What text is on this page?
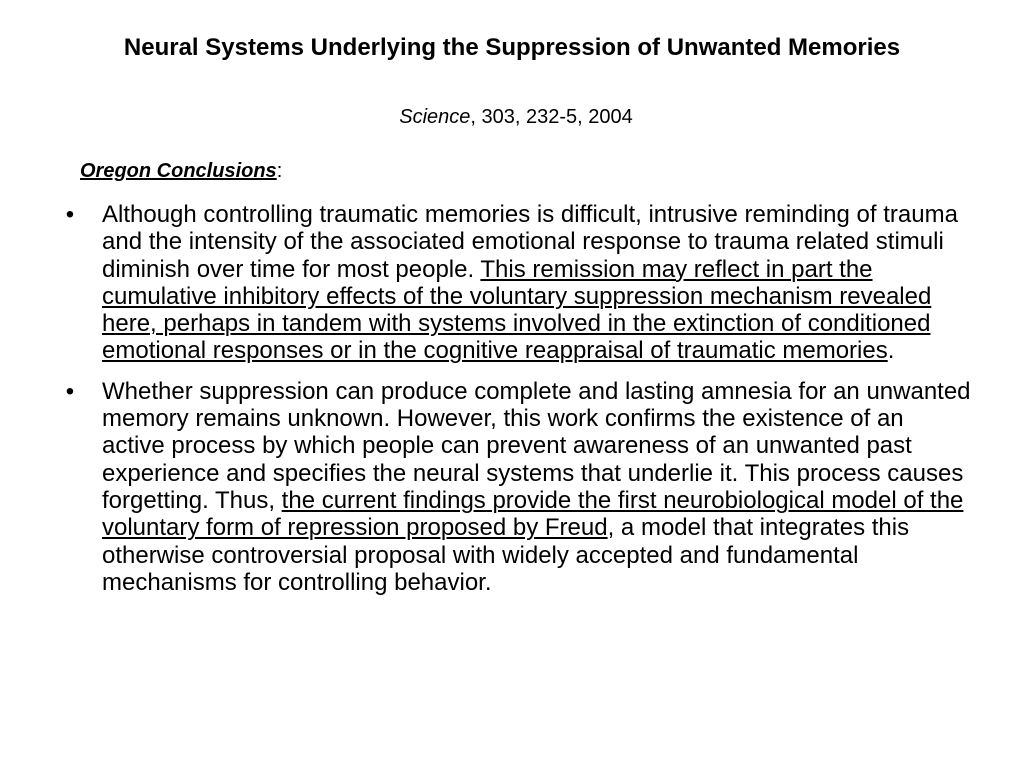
Neural Systems Underlying the Suppression of Unwanted Memories

Science, 303, 232-5, 2004

Oregon Conclusions:

• Although controlling traumatic memories is difficult, intrusive reminding of trauma and the intensity of the associated emotional response to trauma related stimuli diminish over time for most people. This remission may reflect in part the cumulative inhibitory effects of the voluntary suppression mechanism revealed here, perhaps in tandem with systems involved in the extinction of conditioned emotional responses or in the cognitive reappraisal of traumatic memories.
• Whether suppression can produce complete and lasting amnesia for an unwanted memory remains unknown. However, this work confirms the existence of an active process by which people can prevent awareness of an unwanted past experience and specifies the neural systems that underlie it. This process causes forgetting. Thus, the current findings provide the first neurobiological model of the voluntary form of repression proposed by Freud, a model that integrates this otherwise controversial proposal with widely accepted and fundamental mechanisms for controlling behavior.
